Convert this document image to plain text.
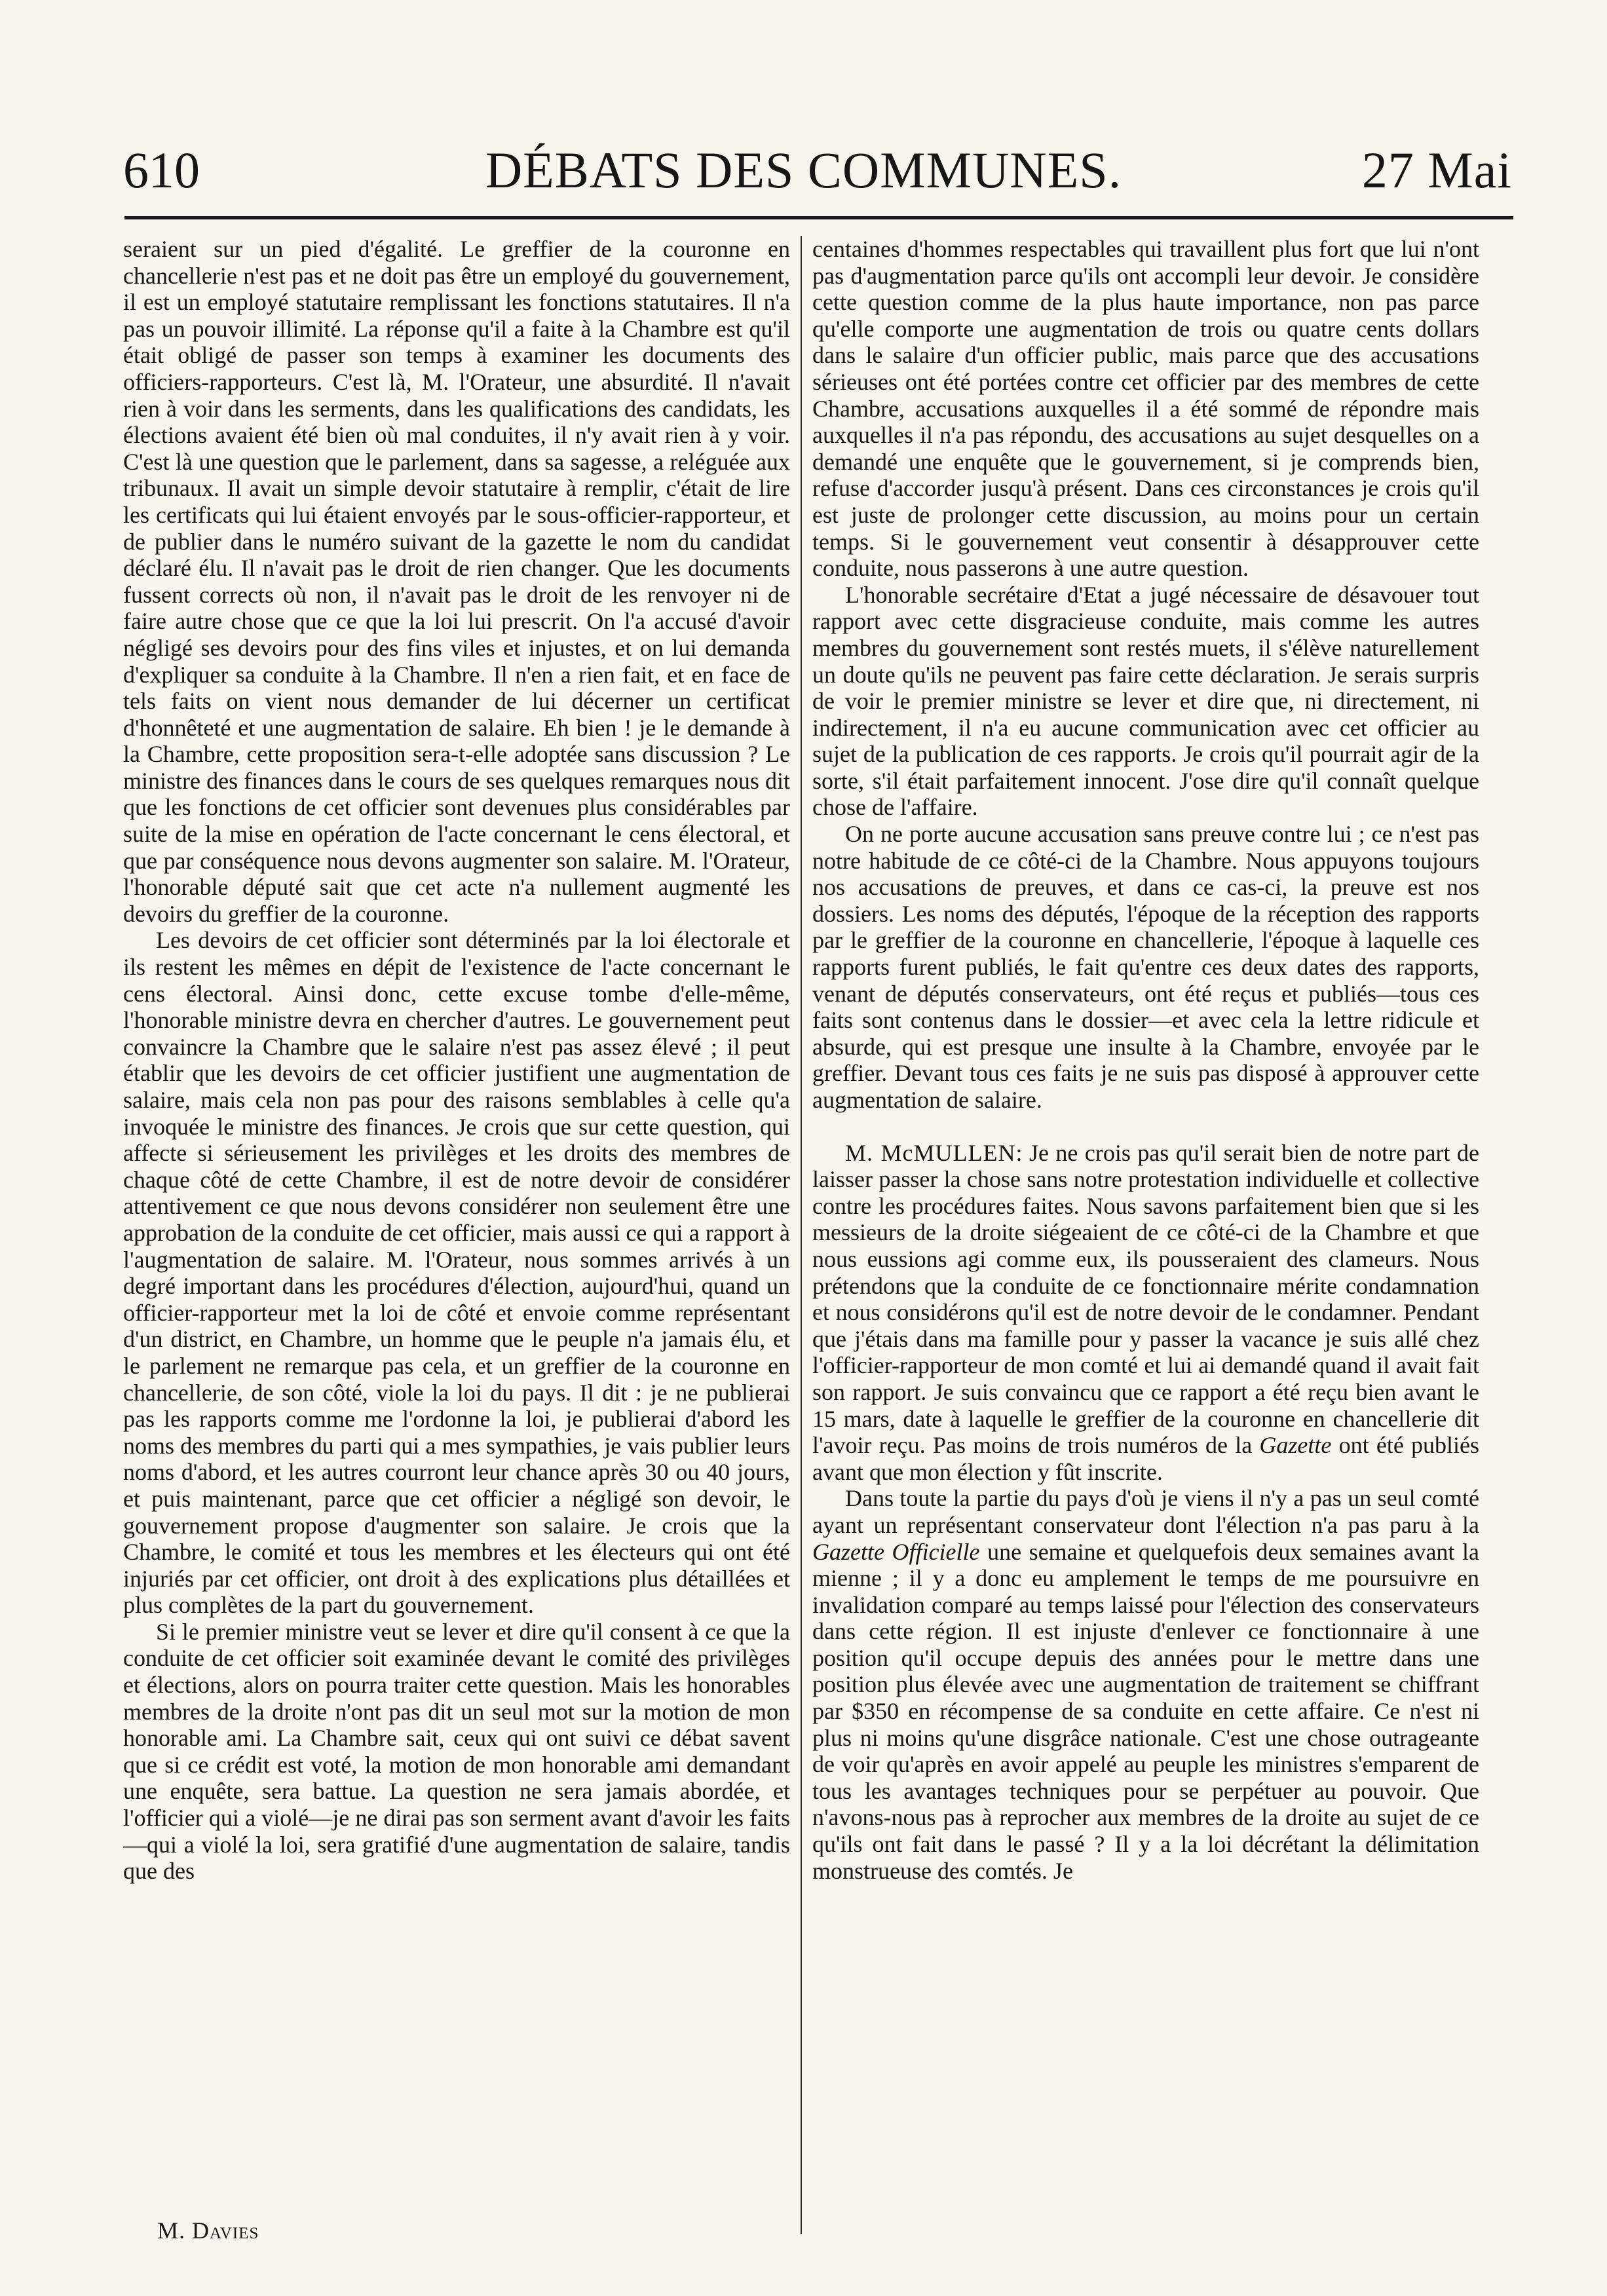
610	DÉBATS DES COMMUNES.	27 Mai

seraient sur un pied d'égalité. Le greffier de la couronne en chancellerie n'est pas et ne doit pas être un employé du gouvernement, il est un employé statutaire remplissant les fonctions statutaires. Il n'a pas un pouvoir illimité. La réponse qu'il a faite à la Chambre est qu'il était obligé de passer son temps à examiner les documents des officiers-rapporteurs. C'est là, M. l'Orateur, une absurdité. Il n'avait rien à voir dans les serments, dans les qualifications des candidats, les élections avaient été bien où mal conduites, il n'y avait rien à y voir. C'est là une question que le parlement, dans sa sagesse, a reléguée aux tribunaux. Il avait un simple devoir statutaire à remplir, c'était de lire les certificats qui lui étaient envoyés par le sous-officier-rapporteur, et de publier dans le numéro suivant de la gazette le nom du candidat déclaré élu. Il n'avait pas le droit de rien changer. Que les documents fussent corrects où non, il n'avait pas le droit de les renvoyer ni de faire autre chose que ce que la loi lui prescrit. On l'a accusé d'avoir négligé ses devoirs pour des fins viles et injustes, et on lui demanda d'expliquer sa conduite à la Chambre. Il n'en a rien fait, et en face de tels faits on vient nous demander de lui décerner un certificat d'honnêteté et une augmentation de salaire. Eh bien ! je le demande à la Chambre, cette proposition sera-t-elle adoptée sans discussion ? Le ministre des finances dans le cours de ses quelques remarques nous dit que les fonctions de cet officier sont devenues plus considérables par suite de la mise en opération de l'acte concernant le cens électoral, et que par conséquence nous devons augmenter son salaire. M. l'Orateur, l'honorable député sait que cet acte n'a nullement augmenté les devoirs du greffier de la couronne.

Les devoirs de cet officier sont déterminés par la loi électorale et ils restent les mêmes en dépit de l'existence de l'acte concernant le cens électoral. Ainsi donc, cette excuse tombe d'elle-même, l'honorable ministre devra en chercher d'autres. Le gouvernement peut convaincre la Chambre que le salaire n'est pas assez élevé ; il peut établir que les devoirs de cet officier justifient une augmentation de salaire, mais cela non pas pour des raisons semblables à celle qu'a invoquée le ministre des finances. Je crois que sur cette question, qui affecte si sérieusement les privilèges et les droits des membres de chaque côté de cette Chambre, il est de notre devoir de considérer attentivement ce que nous devons considérer non seulement être une approbation de la conduite de cet officier, mais aussi ce qui a rapport à l'augmentation de salaire. M. l'Orateur, nous sommes arrivés à un degré important dans les procédures d'élection, aujourd'hui, quand un officier-rapporteur met la loi de côté et envoie comme représentant d'un district, en Chambre, un homme que le peuple n'a jamais élu, et le parlement ne remarque pas cela, et un greffier de la couronne en chancellerie, de son côté, viole la loi du pays. Il dit : je ne publierai pas les rapports comme me l'ordonne la loi, je publierai d'abord les noms des membres du parti qui a mes sympathies, je vais publier leurs noms d'abord, et les autres courront leur chance après 30 ou 40 jours, et puis maintenant, parce que cet officier a négligé son devoir, le gouvernement propose d'augmenter son salaire. Je crois que la Chambre, le comité et tous les membres et les électeurs qui ont été injuriés par cet officier, ont droit à des explications plus détaillées et plus complètes de la part du gouvernement.

Si le premier ministre veut se lever et dire qu'il consent à ce que la conduite de cet officier soit examinée devant le comité des privilèges et élections, alors on pourra traiter cette question. Mais les honorables membres de la droite n'ont pas dit un seul mot sur la motion de mon honorable ami. La Chambre sait, ceux qui ont suivi ce débat savent que si ce crédit est voté, la motion de mon honorable ami demandant une enquête, sera battue. La question ne sera jamais abordée, et l'officier qui a violé—je ne dirai pas son serment avant d'avoir les faits—qui a violé la loi, sera gratifié d'une augmentation de salaire, tandis que des

centaines d'hommes respectables qui travaillent plus fort que lui n'ont pas d'augmentation parce qu'ils ont accompli leur devoir. Je considère cette question comme de la plus haute importance, non pas parce qu'elle comporte une augmentation de trois ou quatre cents dollars dans le salaire d'un officier public, mais parce que des accusations sérieuses ont été portées contre cet officier par des membres de cette Chambre, accusations auxquelles il a été sommé de répondre mais auxquelles il n'a pas répondu, des accusations au sujet desquelles on a demandé une enquête que le gouvernement, si je comprends bien, refuse d'accorder jusqu'à présent. Dans ces circonstances je crois qu'il est juste de prolonger cette discussion, au moins pour un certain temps. Si le gouvernement veut consentir à désapprouver cette conduite, nous passerons à une autre question.

L'honorable secrétaire d'Etat a jugé nécessaire de désavouer tout rapport avec cette disgracieuse conduite, mais comme les autres membres du gouvernement sont restés muets, il s'élève naturellement un doute qu'ils ne peuvent pas faire cette déclaration. Je serais surpris de voir le premier ministre se lever et dire que, ni directement, ni indirectement, il n'a eu aucune communication avec cet officier au sujet de la publication de ces rapports. Je crois qu'il pourrait agir de la sorte, s'il était parfaitement innocent. J'ose dire qu'il connaît quelque chose de l'affaire.

On ne porte aucune accusation sans preuve contre lui ; ce n'est pas notre habitude de ce côté-ci de la Chambre. Nous appuyons toujours nos accusations de preuves, et dans ce cas-ci, la preuve est nos dossiers. Les noms des députés, l'époque de la réception des rapports par le greffier de la couronne en chancellerie, l'époque à laquelle ces rapports furent publiés, le fait qu'entre ces deux dates des rapports, venant de députés conservateurs, ont été reçus et publiés—tous ces faits sont contenus dans le dossier—et avec cela la lettre ridicule et absurde, qui est presque une insulte à la Chambre, envoyée par le greffier. Devant tous ces faits je ne suis pas disposé à approuver cette augmentation de salaire.

M. McMULLEN: Je ne crois pas qu'il serait bien de notre part de laisser passer la chose sans notre protestation individuelle et collective contre les procédures faites. Nous savons parfaitement bien que si les messieurs de la droite siégeaient de ce côté-ci de la Chambre et que nous eussions agi comme eux, ils pousseraient des clameurs. Nous prétendons que la conduite de ce fonctionnaire mérite condamnation et nous considérons qu'il est de notre devoir de le condamner. Pendant que j'étais dans ma famille pour y passer la vacance je suis allé chez l'officier-rapporteur de mon comté et lui ai demandé quand il avait fait son rapport. Je suis convaincu que ce rapport a été reçu bien avant le 15 mars, date à laquelle le greffier de la couronne en chancellerie dit l'avoir reçu. Pas moins de trois numéros de la Gazette ont été publiés avant que mon élection y fût inscrite.

Dans toute la partie du pays d'où je viens il n'y a pas un seul comté ayant un représentant conservateur dont l'élection n'a pas paru à la Gazette Officielle une semaine et quelquefois deux semaines avant la mienne ; il y a donc eu amplement le temps de me poursuivre en invalidation comparé au temps laissé pour l'élection des conservateurs dans cette région. Il est injuste d'enlever ce fonctionnaire à une position qu'il occupe depuis des années pour le mettre dans une position plus élevée avec une augmentation de traitement se chiffrant par $350 en récompense de sa conduite en cette affaire. Ce n'est ni plus ni moins qu'une disgrâce nationale. C'est une chose outrageante de voir qu'après en avoir appelé au peuple les ministres s'emparent de tous les avantages techniques pour se perpétuer au pouvoir. Que n'avons-nous pas à reprocher aux membres de la droite au sujet de ce qu'ils ont fait dans le passé ? Il y a la loi décrétant la délimitation monstrueuse des comtés. Je

M. Davies
